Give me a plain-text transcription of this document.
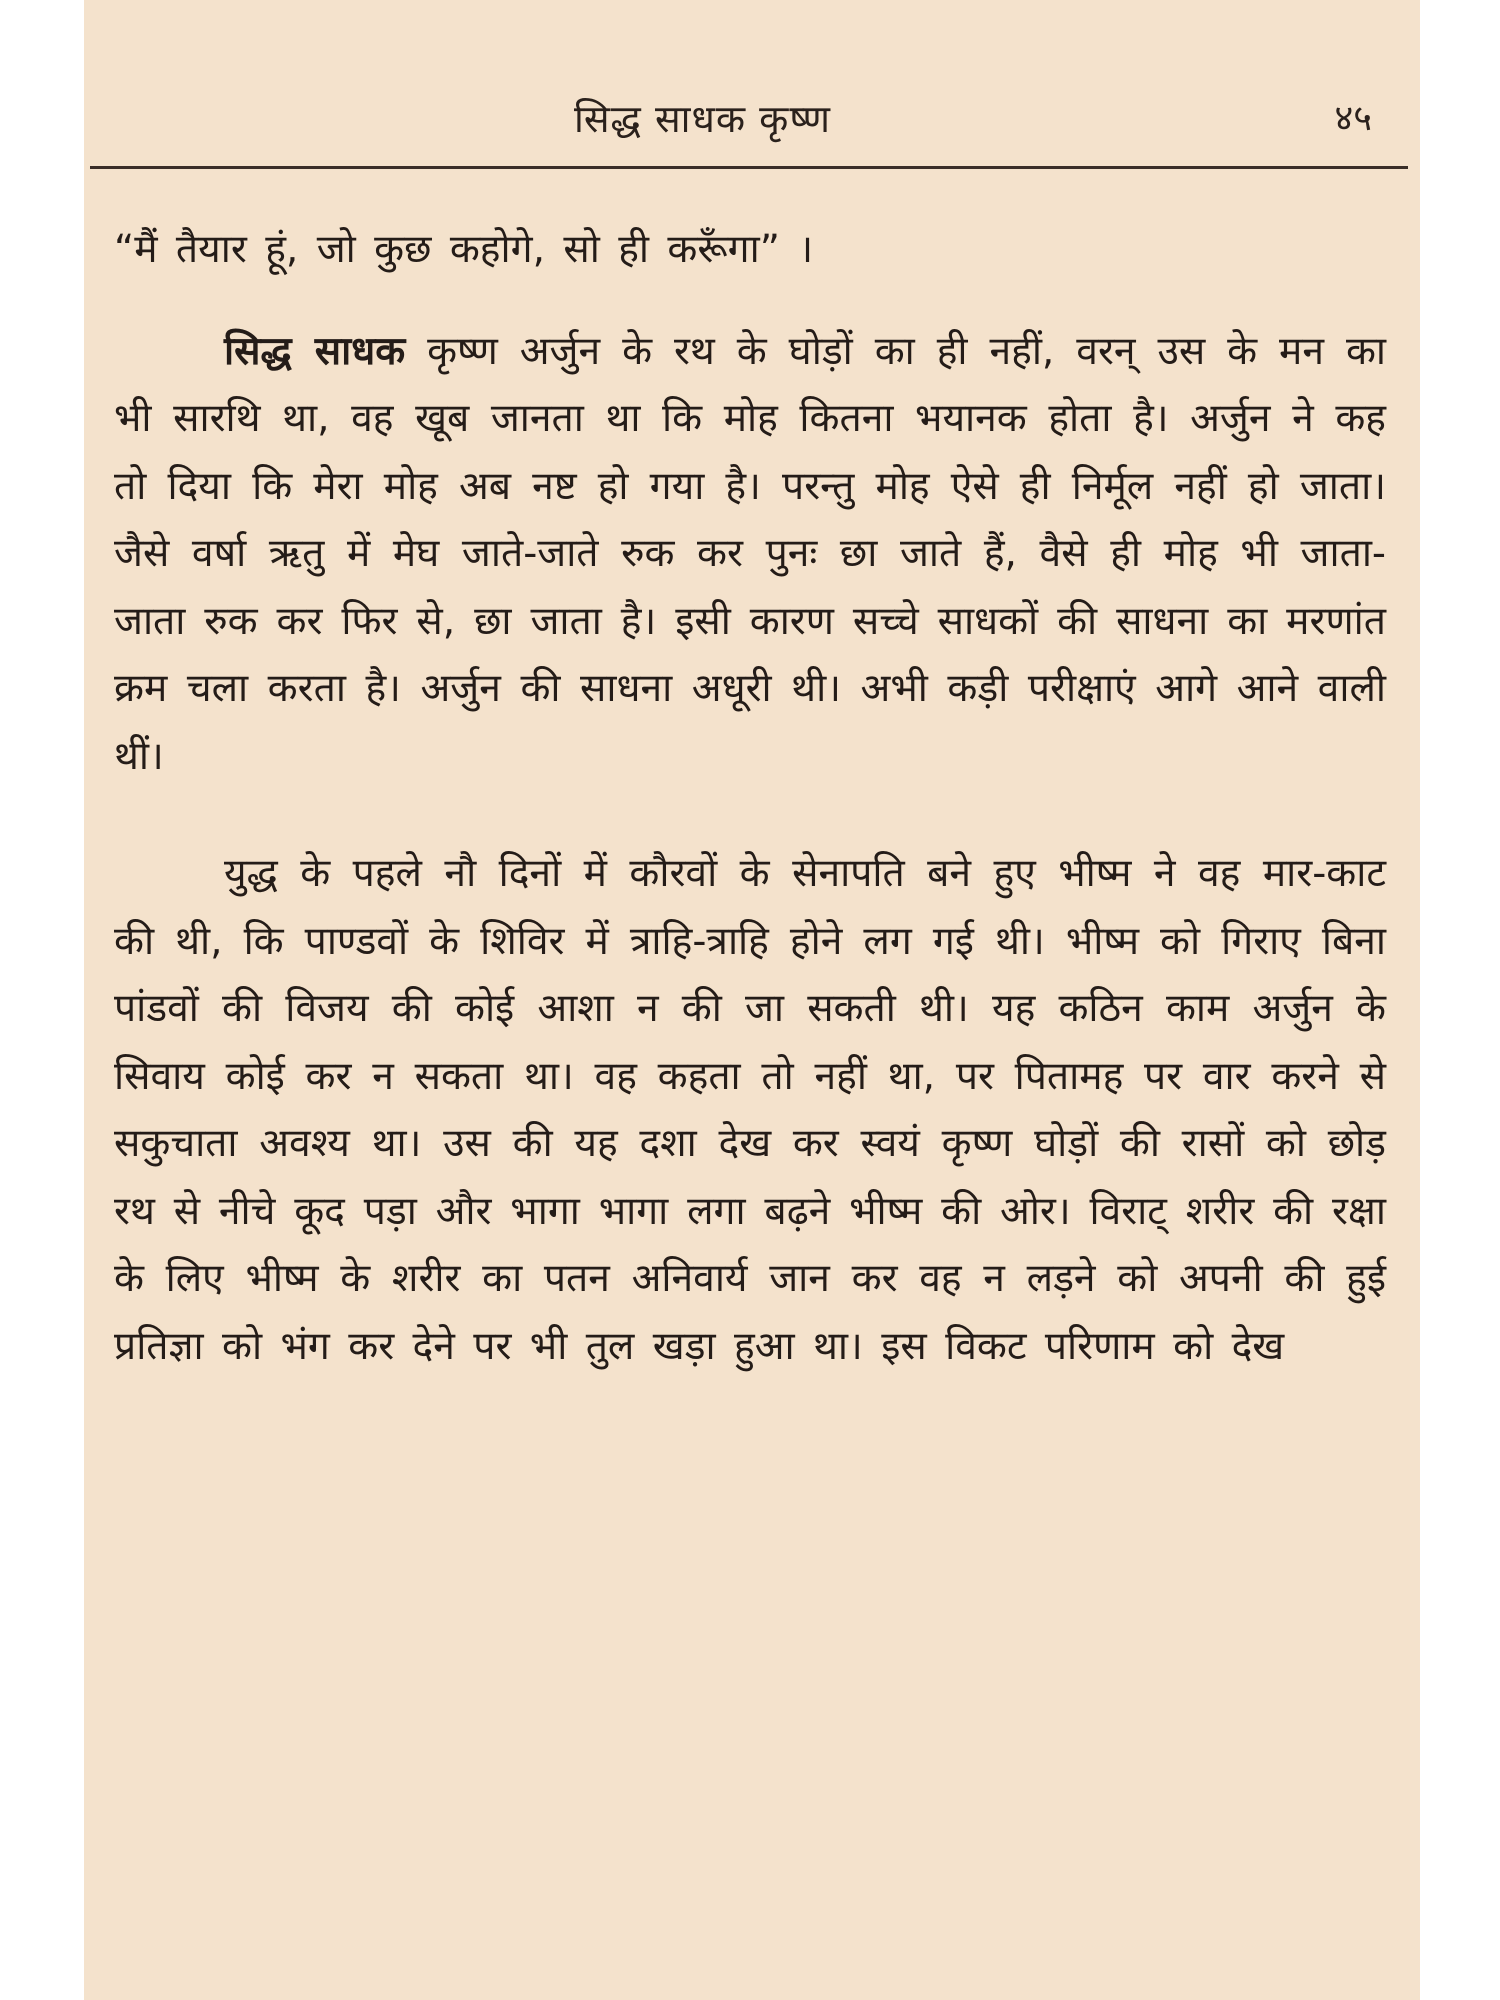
सिद्ध साधक कृष्ण	४५

“मैं तैयार हूं, जो कुछ कहोगे, सो ही करूँगा” ।

सिद्ध साधक कृष्ण अर्जुन के रथ के घोड़ों का ही नहीं, वरन् उस के मन का भी सारथि था, वह खूब जानता था कि मोह कितना भयानक होता है। अर्जुन ने कह तो दिया कि मेरा मोह अब नष्ट हो गया है। परन्तु मोह ऐसे ही निर्मूल नहीं हो जाता। जैसे वर्षा ऋतु में मेघ जाते-जाते रुक कर पुनः छा जाते हैं, वैसे ही मोह भी जाता-जाता रुक कर फिर से, छा जाता है। इसी कारण सच्चे साधकों की साधना का मरणांत क्रम चला करता है। अर्जुन की साधना अधूरी थी। अभी कड़ी परीक्षाएं आगे आने वाली थीं।

युद्ध के पहले नौ दिनों में कौरवों के सेनापति बने हुए भीष्म ने वह मार-काट की थी, कि पाण्डवों के शिविर में त्राहि-त्राहि होने लग गई थी। भीष्म को गिराए बिना पांडवों की विजय की कोई आशा न की जा सकती थी। यह कठिन काम अर्जुन के सिवाय कोई कर न सकता था। वह कहता तो नहीं था, पर पितामह पर वार करने से सकुचाता अवश्य था। उस की यह दशा देख कर स्वयं कृष्ण घोड़ों की रासों को छोड़ रथ से नीचे कूद पड़ा और भागा भागा लगा बढ़ने भीष्म की ओर। विराट् शरीर की रक्षा के लिए भीष्म के शरीर का पतन अनिवार्य जान कर वह न लड़ने को अपनी की हुई प्रतिज्ञा को भंग कर देने पर भी तुल खड़ा हुआ था। इस विकट परिणाम को देख
